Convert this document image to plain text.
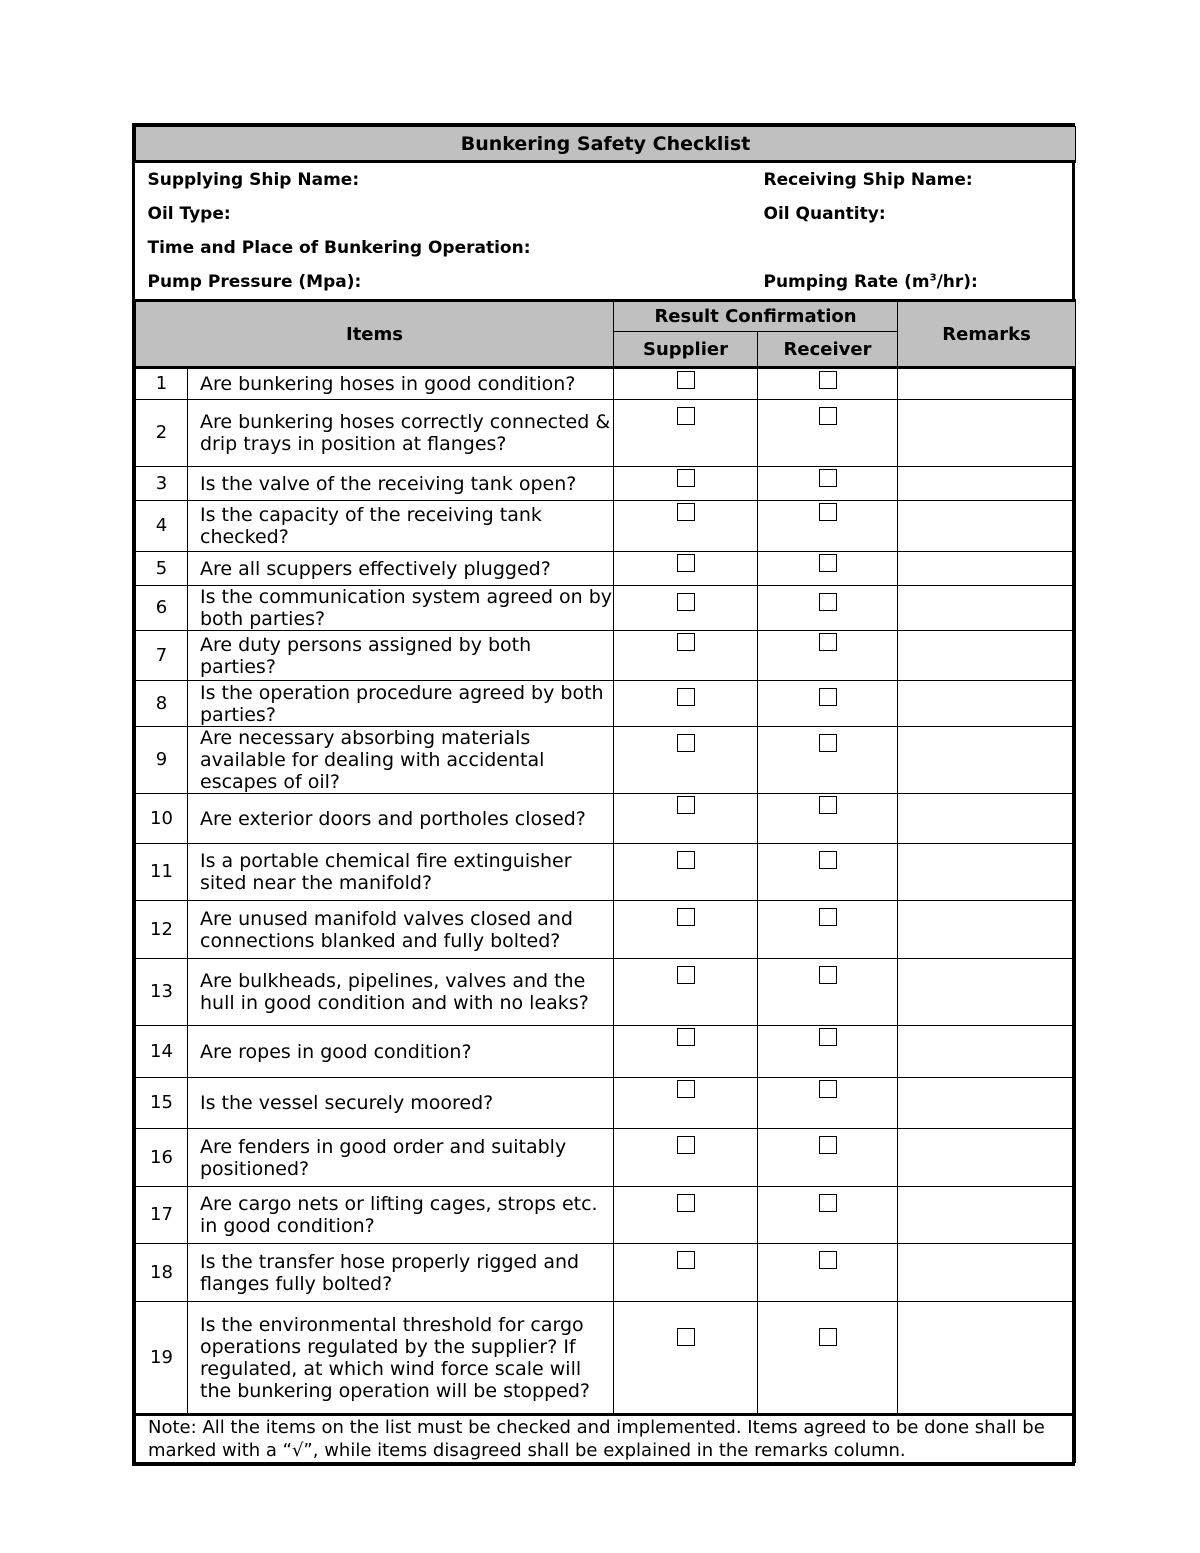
Bunkering Safety Checklist				
Supplying Ship Name:			Receiving Ship Name:	
Oil Type:			Oil Quantity:	
Time and Place of Bunkering Operation:				
Pump Pressure (Mpa):			Pumping Rate $(m^3/hr)$:	
Items		Result Confirmation		Remarks
		Supplier	Receiver	
1	Are bunkering hoses in good condition?			
2	Are bunkering hoses correctly connected & drip trays in position at flanges?			
3	Is the valve of the receiving tank open?			
4	Is the capacity of the receiving tank checked?			
5	Are all scuppers effectively plugged?			
6	Is the communication system agreed on by both parties?			
7	Are duty persons assigned by both parties?			
8	Is the operation procedure agreed by both parties?			
9	Are necessary absorbing materials available for dealing with accidental escapes of oil?			
10	Are exterior doors and portholes closed?			
11	Is a portable chemical fire extinguisher sited near the manifold?			
12	Are unused manifold valves closed and connections blanked and fully bolted?			
13	Are bulkheads, pipelines, valves and the hull in good condition and with no leaks?			
14	Are ropes in good condition?			
15	Is the vessel securely moored?			
16	Are fenders in good order and suitably positioned?			
17	Are cargo nets or lifting cages, strops etc. in good condition?			
18	Is the transfer hose properly rigged and flanges fully bolted?			
19	Is the environmental threshold for cargo operations regulated by the supplier? If regulated, at which wind force scale will the bunkering operation will be stopped?			
Note: All the items on the list must be checked and implemented. Items agreed to be done shall be marked with a “√”, while items disagreed shall be explained in the remarks column.				
